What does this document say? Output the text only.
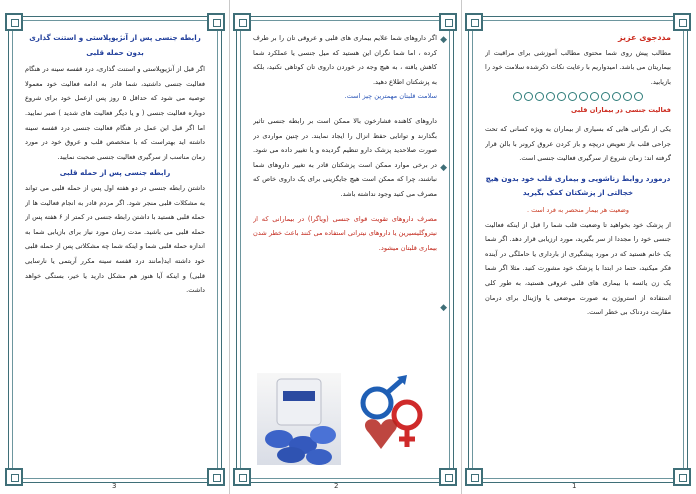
رابطه جنسی پس از آنژیوپلاستی و استنت گذاری بدون حمله قلبی

اگر قبل از آنژیوپلاستی و استنت گذاری، درد قفسه سینه در هنگام فعالیت جنسی داشتید، شما قادر به ادامه فعالیت خود معمولا توصیه می شود که حداقل ۵ روز پس ازعمل خود برای شروع دوباره فعالیت جنسی ( و یا دیگر فعالیت های شدید ) صبر نمایید. اما اگر قبل این عمل در هنگام فعالیت جنسی درد قفسه سینه داشته اید بهتراست که با متخصص قلب و عروق خود در مورد زمان مناسب از سرگیری فعالیت جنسی صحبت نمایید.

رابطه جنسی پس از حمله قلبی

داشتن رابطه جنسی در دو هفته اول پس از حمله قلبی می تواند به مشکلات قلبی منجر شود. اگر مردم قادر به انجام فعالیت ها از حمله قلبی هستید با داشتن رابطه جنسی در کمتر از ۶ هفته پس از حمله قلبی می باشید. مدت زمان مورد نیاز برای بازیابی شما به اندازه حمله قلبی شما و اینکه شما چه مشکلاتی پس از حمله قلبی خود داشته اید(مانند درد قفسه سینه مکرر آریتمی یا نارسایی قلبی) و اینکه آیا هنوز هم مشکل دارید یا خیر، بستگی خواهد داشت.

3
◆
◆
◆

اگر داروهای شما علایم بیماری های قلبی و عروقی تان را بر طرف کرده ، اما شما نگران این هستید که میل جنسی یا عملکرد شما کاهش یافته ، به هیچ وجه در خوردن داروی تان کوتاهی نکنید، بلکه به پزشکتان اطلاع دهید.

سلامت قلبتان مهمترین چیز است.

داروهای کاهنده فشارخون بالا ممکن است بر رابطه جنسی تاثیر بگذارند و توانایی حفظ انزال را ایجاد نمایند. در چنین مواردی در صورت صلاحدید پزشک دارو تنظیم گردیده و یا تغییر داده می شود. در برخی موارد ممکن است پزشکتان قادر به تغییر داروهای شما نباشند، چرا که ممکن است هیچ جایگزینی برای یک داروی خاص که مصرف می کنید وجود نداشته باشد.

مصرف داروهای تقویت قوای جنسی (ویاگرا) در بیمارانی که از نیتروگلیسیرین یا داروهای نیتراتی استفاده می کنند باعث خطر شدن بیماری قلبتان میشود.

2

مددجوی عزیز

مطالب پیش روی شما محتوی مطالب آموزشی برای مراقبت از بیماریتان می باشد. امیدواریم با رعایت نکات ذکرشده سلامت خود را بازیابید.

فعالیت جنسی در بیماران قلبی

یکی از نگرانی هایی که بسیاری از بیماران به ویژه کسانی که تحت جراحی قلب باز تعویض دریچه و باز کردن عروق کرونر با بالن قرار گرفته اند: زمان شروع از سرگیری فعالیت جنسی است.

درمورد روابط زناشویی و بیماری قلب خود بدون هیچ خجالتی از پزشکتان کمک بگیرید

وضعیت هر بیمار منحصر به فرد است .

از پزشک خود بخواهید تا وضعیت قلب شما را قبل از اینکه فعالیت جنسی خود را مجددا از سر بگیرید، مورد ارزیابی قرار دهد. اگر شما یک خانم هستید که در مورد پیشگیری از بارداری یا حاملگی در آینده فکر میکنید، حتما در ابتدا با پزشک خود مشورت کنید. مثلا اگر شما یک زن یائسه با بیماری های قلبی عروقی هستید، به طور کلی استفاده از استروژن به صورت موضعی یا واژینال برای درمان مقاربت دردناک بی خطر است.

1
